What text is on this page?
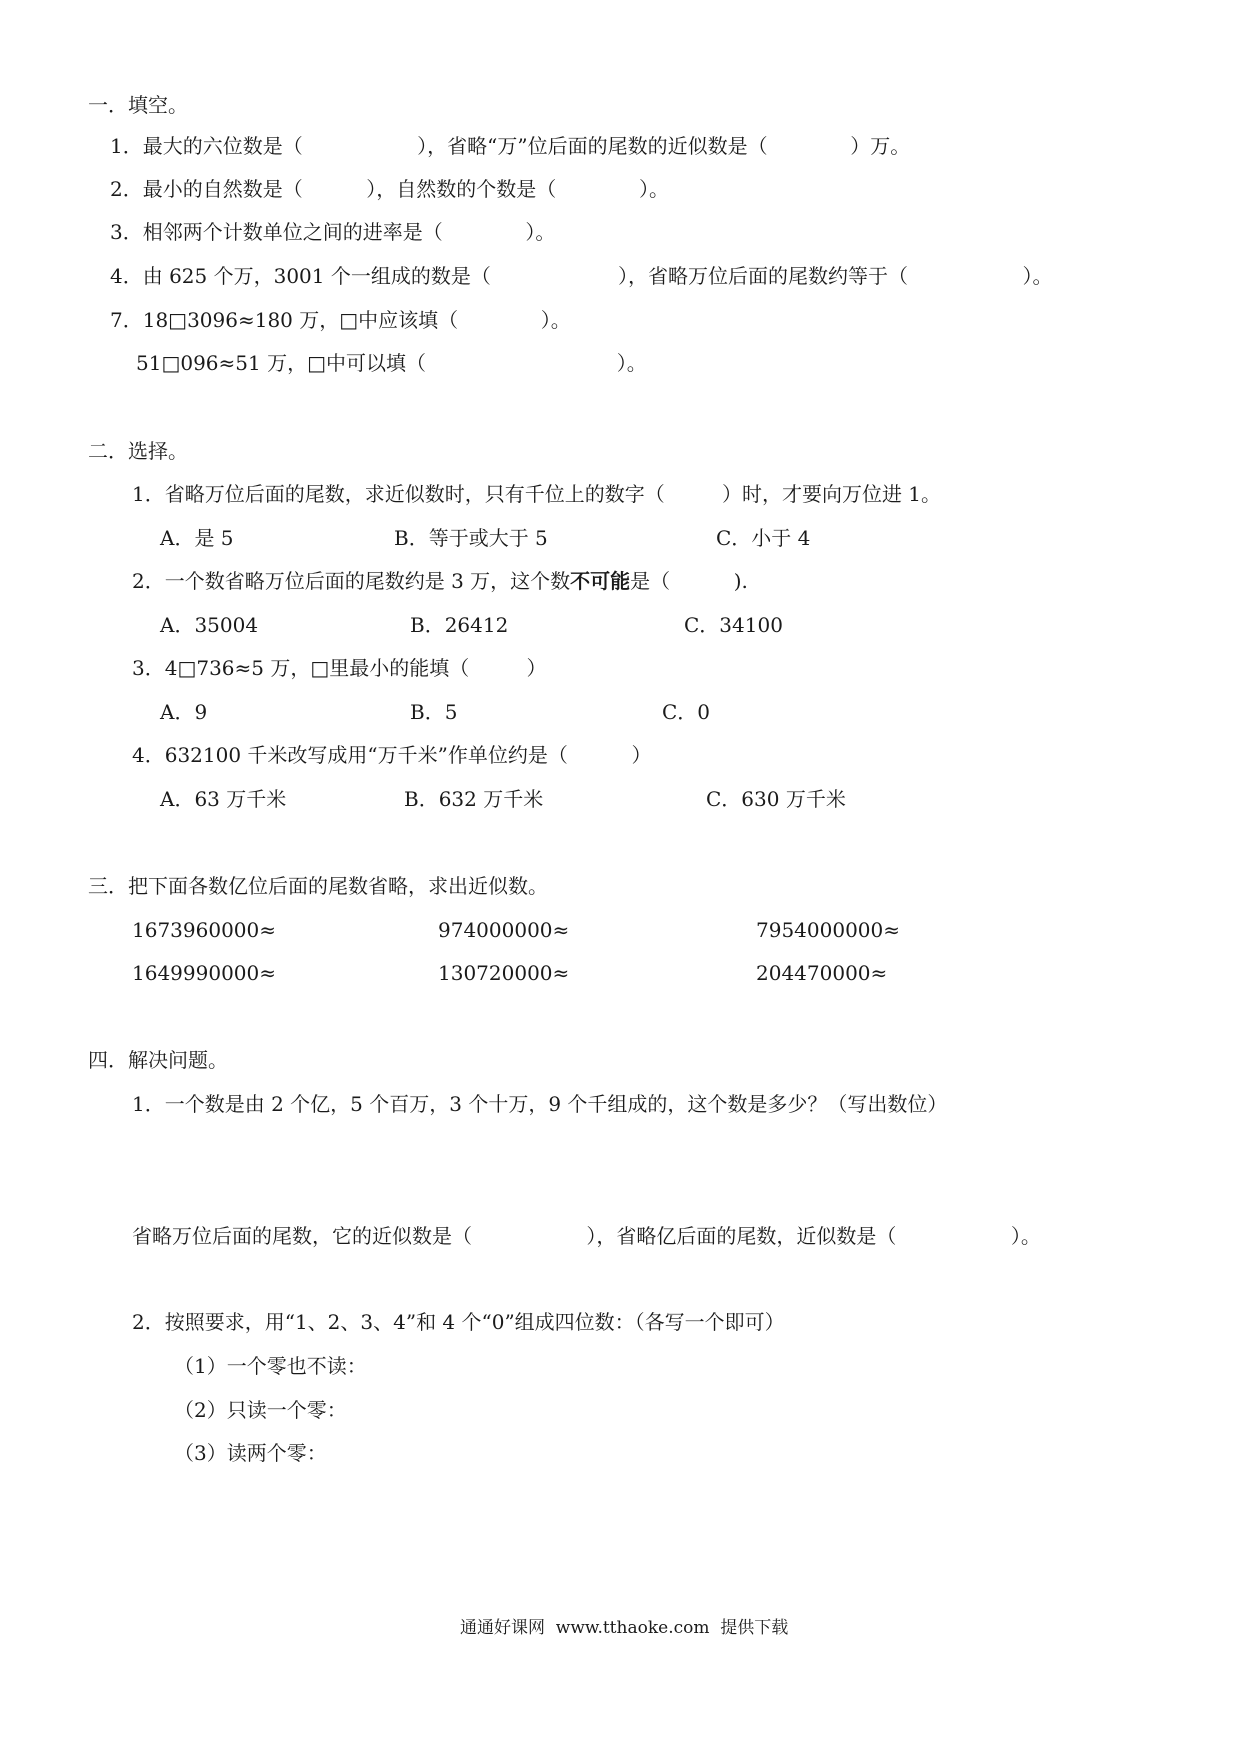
一．填空。
1．最大的六位数是（                  ），省略“万”位后面的尾数的近似数是（             ）万。
2．最小的自然数是（          ），自然数的个数是（             ）。
3．相邻两个计数单位之间的进率是（             ）。
4．由 625 个万，3001 个一组成的数是（                    ），省略万位后面的尾数约等于（                  ）。
7．18□3096≈180 万，□中应该填（             ）。
51□096≈51 万，□中可以填（                              ）。
二．选择。
1．省略万位后面的尾数，求近似数时，只有千位上的数字（         ）时，才要向万位进 1。
A．是 5	B．等于或大于 5	C．小于 4
2．一个数省略万位后面的尾数约是 3 万，这个数不可能是（          ).
A．35004	B．26412	C．34100
3．4□736≈5 万，□里最小的能填（         ）
A．9	B．5	C．0
4．632100 千米改写成用“万千米”作单位约是（          ）
A．63 万千米	B．632 万千米	C．630 万千米
三．把下面各数亿位后面的尾数省略，求出近似数。
1673960000≈	974000000≈	7954000000≈
1649990000≈	130720000≈	204470000≈
四．解决问题。
1．一个数是由 2 个亿，5 个百万，3 个十万，9 个千组成的，这个数是多少？（写出数位）
省略万位后面的尾数，它的近似数是（                  ），省略亿后面的尾数，近似数是（                  ）。
2．按照要求，用“1、2、3、4”和 4 个“0”组成四位数：（各写一个即可）
（1）一个零也不读：
（2）只读一个零：
（3）读两个零：
通通好课网  www.tthaoke.com  提供下载
